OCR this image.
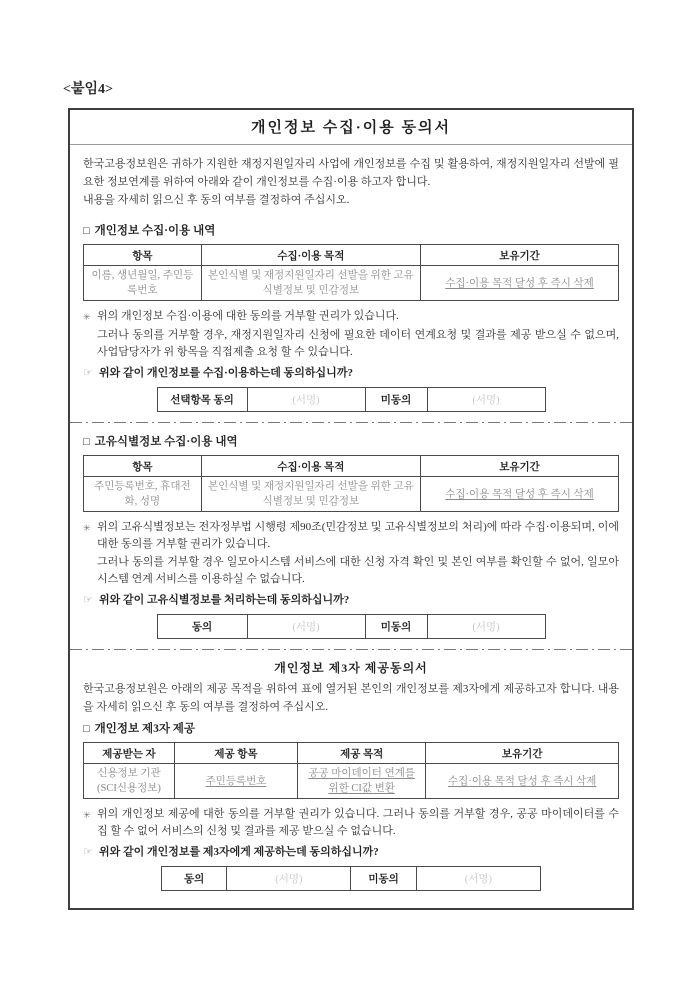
<붙임4>
개인정보 수집·이용 동의서

한국고용정보원은 귀하가 지원한 재정지원일자리 사업에 개인정보를 수집 및 활용하여, 재정지원일자리 선발에 필요한 정보연계를 위하여 아래와 같이 개인정보를 수집·이용 하고자 합니다.

내용을 자세히 읽으신 후 동의 여부를 결정하여 주십시오.

□ 개인정보 수집·이용 내역
항목	수집·이용 목적	보유기간
이름, 생년월일, 주민등록번호	본인식별 및 재정지원일자리 선발을 위한 고유식별정보 및 민감정보	수집·이용 목적 달성 후 즉시 삭제
✳ 위의 개인정보 수집·이용에 대한 동의를 거부할 권리가 있습니다.

그러나 동의를 거부할 경우, 재정지원일자리 신청에 필요한 데이터 연계요청 및 결과를 제공 받으실 수 없으며, 사업담당자가 위 항목을 직접제출 요청 할 수 있습니다.

☞ 위와 같이 개인정보를 수집·이용하는데 동의하십니까?
선택항목 동의	(서명)	미동의	(서명)
□ 고유식별정보 수집·이용 내역
항목	수집·이용 목적	보유기간
주민등록번호, 휴대전화, 성명	본인식별 및 재정지원일자리 선발을 위한 고유식별정보 및 민감정보	수집·이용 목적 달성 후 즉시 삭제
✳ 위의 고유식별정보는 전자정부법 시행령 제90조(민감정보 및 고유식별정보의 처리)에 따라 수집·이용되며, 이에 대한 동의를 거부할 권리가 있습니다.

그러나 동의를 거부할 경우 일모아시스템 서비스에 대한 신청 자격 확인 및 본인 여부를 확인할 수 없어, 일모아시스템 연계 서비스를 이용하실 수 없습니다.

☞ 위와 같이 고유식별정보를 처리하는데 동의하십니까?
동의	(서명)	미동의	(서명)
개인정보 제3자 제공동의서

한국고용정보원은 아래의 제공 목적을 위하여 표에 열거된 본인의 개인정보를 제3자에게 제공하고자 합니다. 내용을 자세히 읽으신 후 동의 여부를 결정하여 주십시오.

□ 개인정보 제3자 제공
제공받는 자	제공 항목	제공 목적	보유기간
신용정보 기관(SCI신용정보)	주민등록번호	공공 마이데이터 연계를 위한 CI값 변환	수집·이용 목적 달성 후 즉시 삭제
✳ 위의 개인정보 제공에 대한 동의를 거부할 권리가 있습니다. 그러나 동의를 거부할 경우, 공공 마이데이터를 수집 할 수 없어 서비스의 신청 및 결과를 제공 받으실 수 없습니다.
☞ 위와 같이 개인정보를 제3자에게 제공하는데 동의하십니까?
동의	(서명)	미동의	(서명)
